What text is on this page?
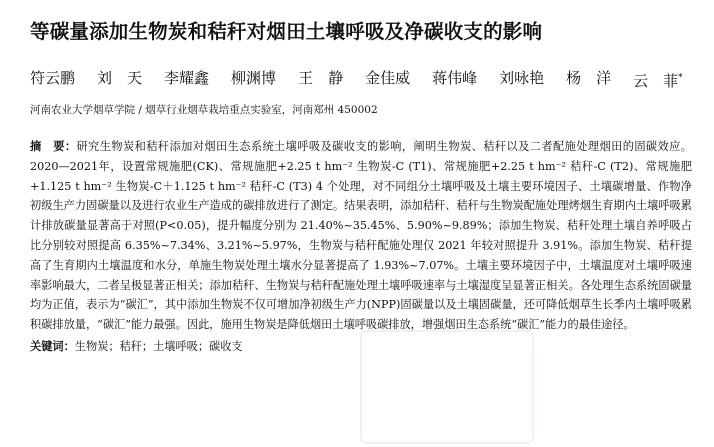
等碳量添加生物炭和秸秆对烟田土壤呼吸及净碳收支的影响
符云鹏 刘　天 李耀鑫 柳渊博 王　静 金佳威 蒋伟峰 刘咏艳 杨　洋 云　菲*
河南农业大学烟草学院 / 烟草行业烟草栽培重点实验室，河南郑州 450002
摘　要：研究生物炭和秸秆添加对烟田生态系统土壤呼吸及碳收支的影响，阐明生物炭、秸秆以及二者配施处理烟田的固碳效应。2020—2021年，设置常规施肥(CK)、常规施肥+2.25 t hm⁻² 生物炭-C (T1)、常规施肥+2.25 t hm⁻² 秸秆-C (T2)、常规施肥+1.125 t hm⁻² 生物炭-C＋1.125 t hm⁻² 秸秆-C (T3) 4 个处理，对不同组分土壤呼吸及土壤主要环境因子、土壤碳增量、作物净初级生产力固碳量以及进行农业生产造成的碳排放进行了测定。结果表明，添加秸秆、秸秆与生物炭配施处理烤烟生育期内土壤呼吸累计排放碳量显著高于对照(P<0.05)，提升幅度分别为 21.40%~35.45%、5.90%~9.89%；添加生物炭、秸秆处理土壤自养呼吸占比分别较对照提高 6.35%~7.34%、3.21%~5.97%，生物炭与秸秆配施处理仅 2021 年较对照提升 3.91%。添加生物炭、秸秆提高了生育期内土壤温度和水分，单施生物炭处理土壤水分显著提高了 1.93%~7.07%。土壤主要环境因子中，土壤温度对土壤呼吸速率影响最大，二者呈极显著正相关；添加秸秆、生物炭与秸秆配施处理土壤呼吸速率与土壤湿度呈显著正相关。各处理生态系统固碳量均为正值，表示为“碳汇”，其中添加生物炭不仅可增加净初级生产力(NPP)固碳量以及土壤固碳量，还可降低烟草生长季内土壤呼吸累积碳排放量，“碳汇”能力最强。因此，施用生物炭是降低烟田土壤呼吸碳排放，增强烟田生态系统“碳汇”能力的最佳途径。
关键词：生物炭；秸秆；土壤呼吸；碳收支
